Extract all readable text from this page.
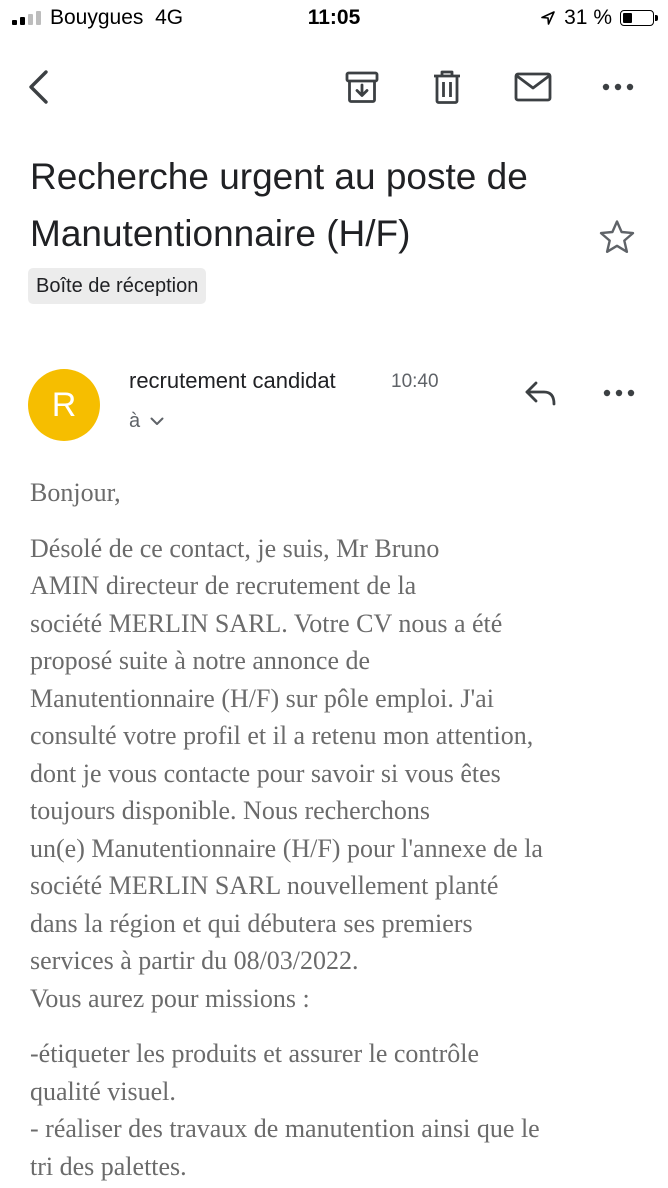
Bouygues 4G	11:05	31 %
Recherche urgent au poste de Manutentionnaire (H/F)
Boîte de réception
R
recrutement candidat	10:40
à

Bonjour,

Désolé de ce contact, je suis, Mr Bruno
AMIN directeur de recrutement de la
société MERLIN SARL. Votre CV nous a été
proposé suite à notre annonce de
Manutentionnaire (H/F) sur pôle emploi. J'ai
consulté votre profil et il a retenu mon attention,
dont je vous contacte pour savoir si vous êtes
toujours disponible. Nous recherchons
un(e) Manutentionnaire (H/F) pour l'annexe de la
société MERLIN SARL nouvellement planté
dans la région et qui débutera ses premiers
services à partir du 08/03/2022.
Vous aurez pour missions :
-étiqueter les produits et assurer le contrôle
qualité visuel.
- réaliser des travaux de manutention ainsi que le
tri des palettes.
